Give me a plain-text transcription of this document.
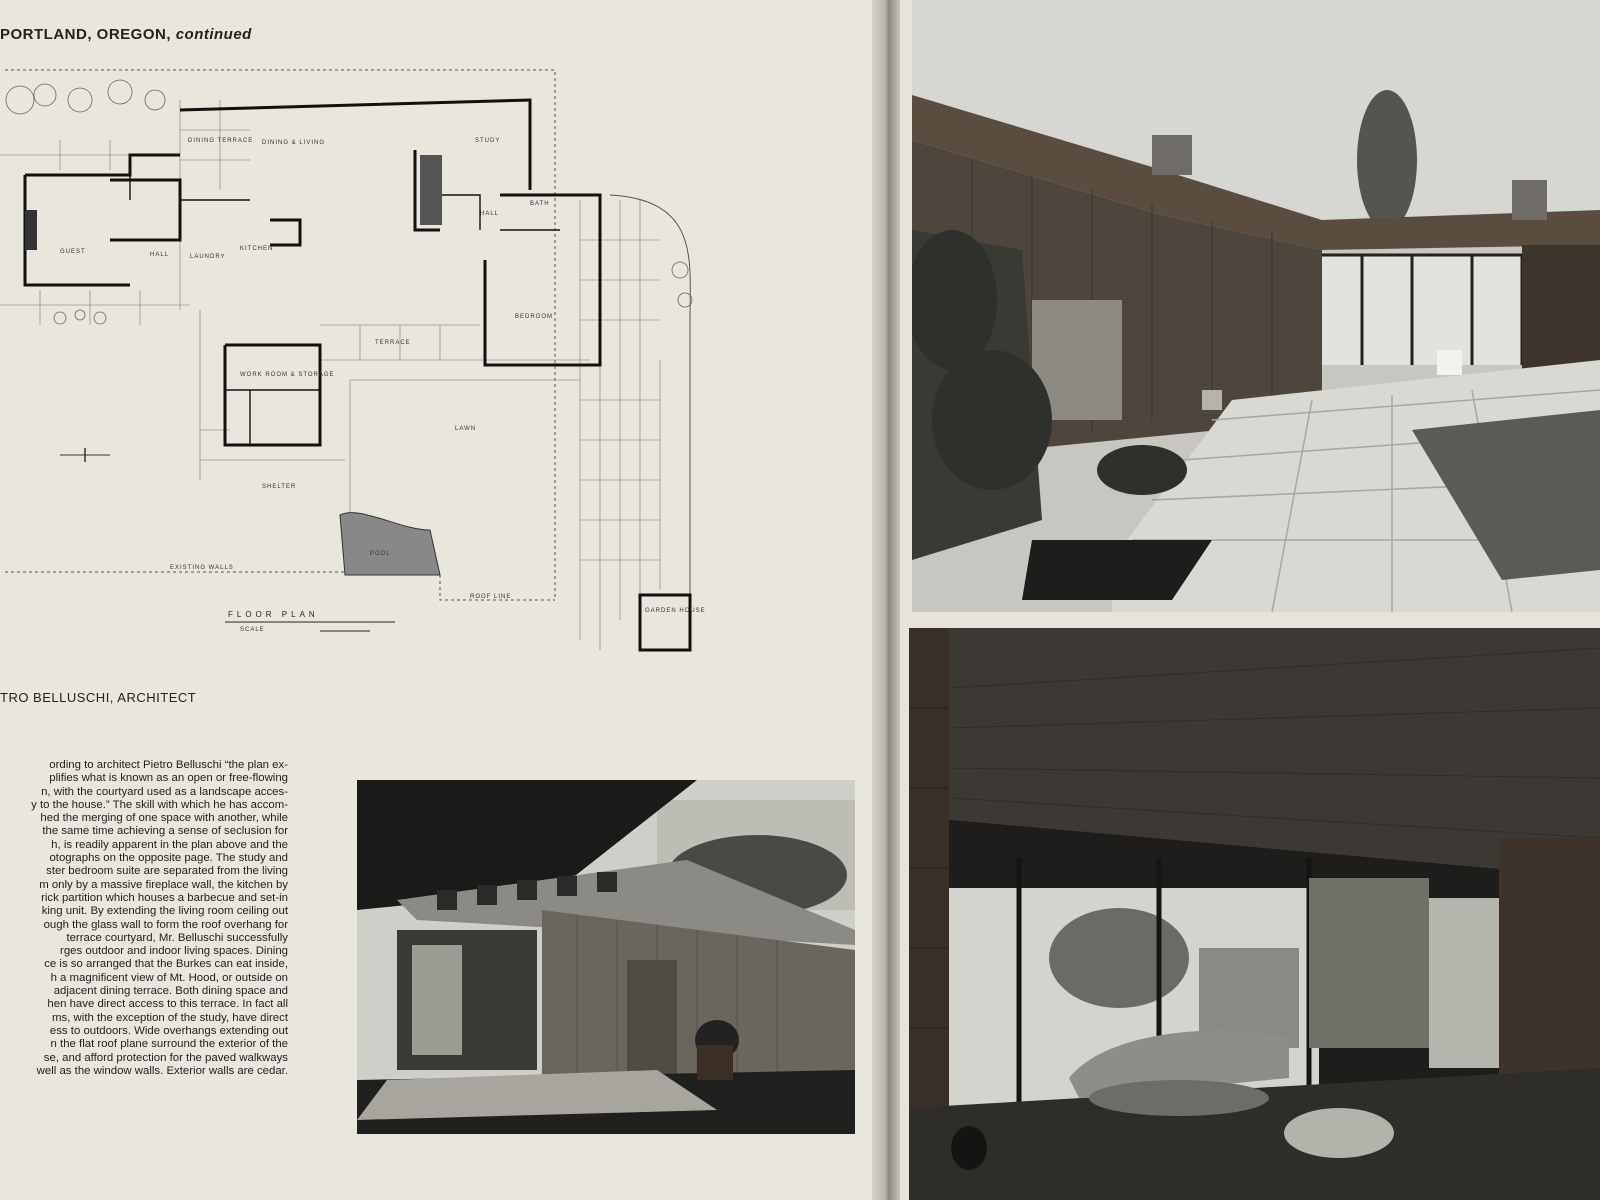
PORTLAND, OREGON, continued
DINING TERRACE DINING & LIVING	STUDY
GUEST	HALL	LAUNDRY
KITCHEN
BATH
HALL
BEDROOM
TERRACE
WORK ROOM & STORAGE
LAWN
SHELTER
POOL
GARDEN HOUSE
EXISTING WALLS
ROOF LINE
FLOOR PLAN
SCALE
TRO BELLUSCHI, ARCHITECT

ording to architect Pietro Belluschi “the plan ex-

plifies what is known as an open or free-flowing

n, with the courtyard used as a landscape acces-

y to the house.” The skill with which he has accom-

hed the merging of one space with another, while

the same time achieving a sense of seclusion for

h, is readily apparent in the plan above and the

otographs on the opposite page. The study and

ster bedroom suite are separated from the living

m only by a massive fireplace wall, the kitchen by

rick partition which houses a barbecue and set-in

king unit. By extending the living room ceiling out

ough the glass wall to form the roof overhang for

terrace courtyard, Mr. Belluschi successfully

rges outdoor and indoor living spaces. Dining

ce is so arranged that the Burkes can eat inside,

h a magnificent view of Mt. Hood, or outside on

adjacent dining terrace. Both dining space and

hen have direct access to this terrace. In fact all

ms, with the exception of the study, have direct

ess to outdoors. Wide overhangs extending out

n the flat roof plane surround the exterior of the

se, and afford protection for the paved walkways

well as the window walls. Exterior walls are cedar.
